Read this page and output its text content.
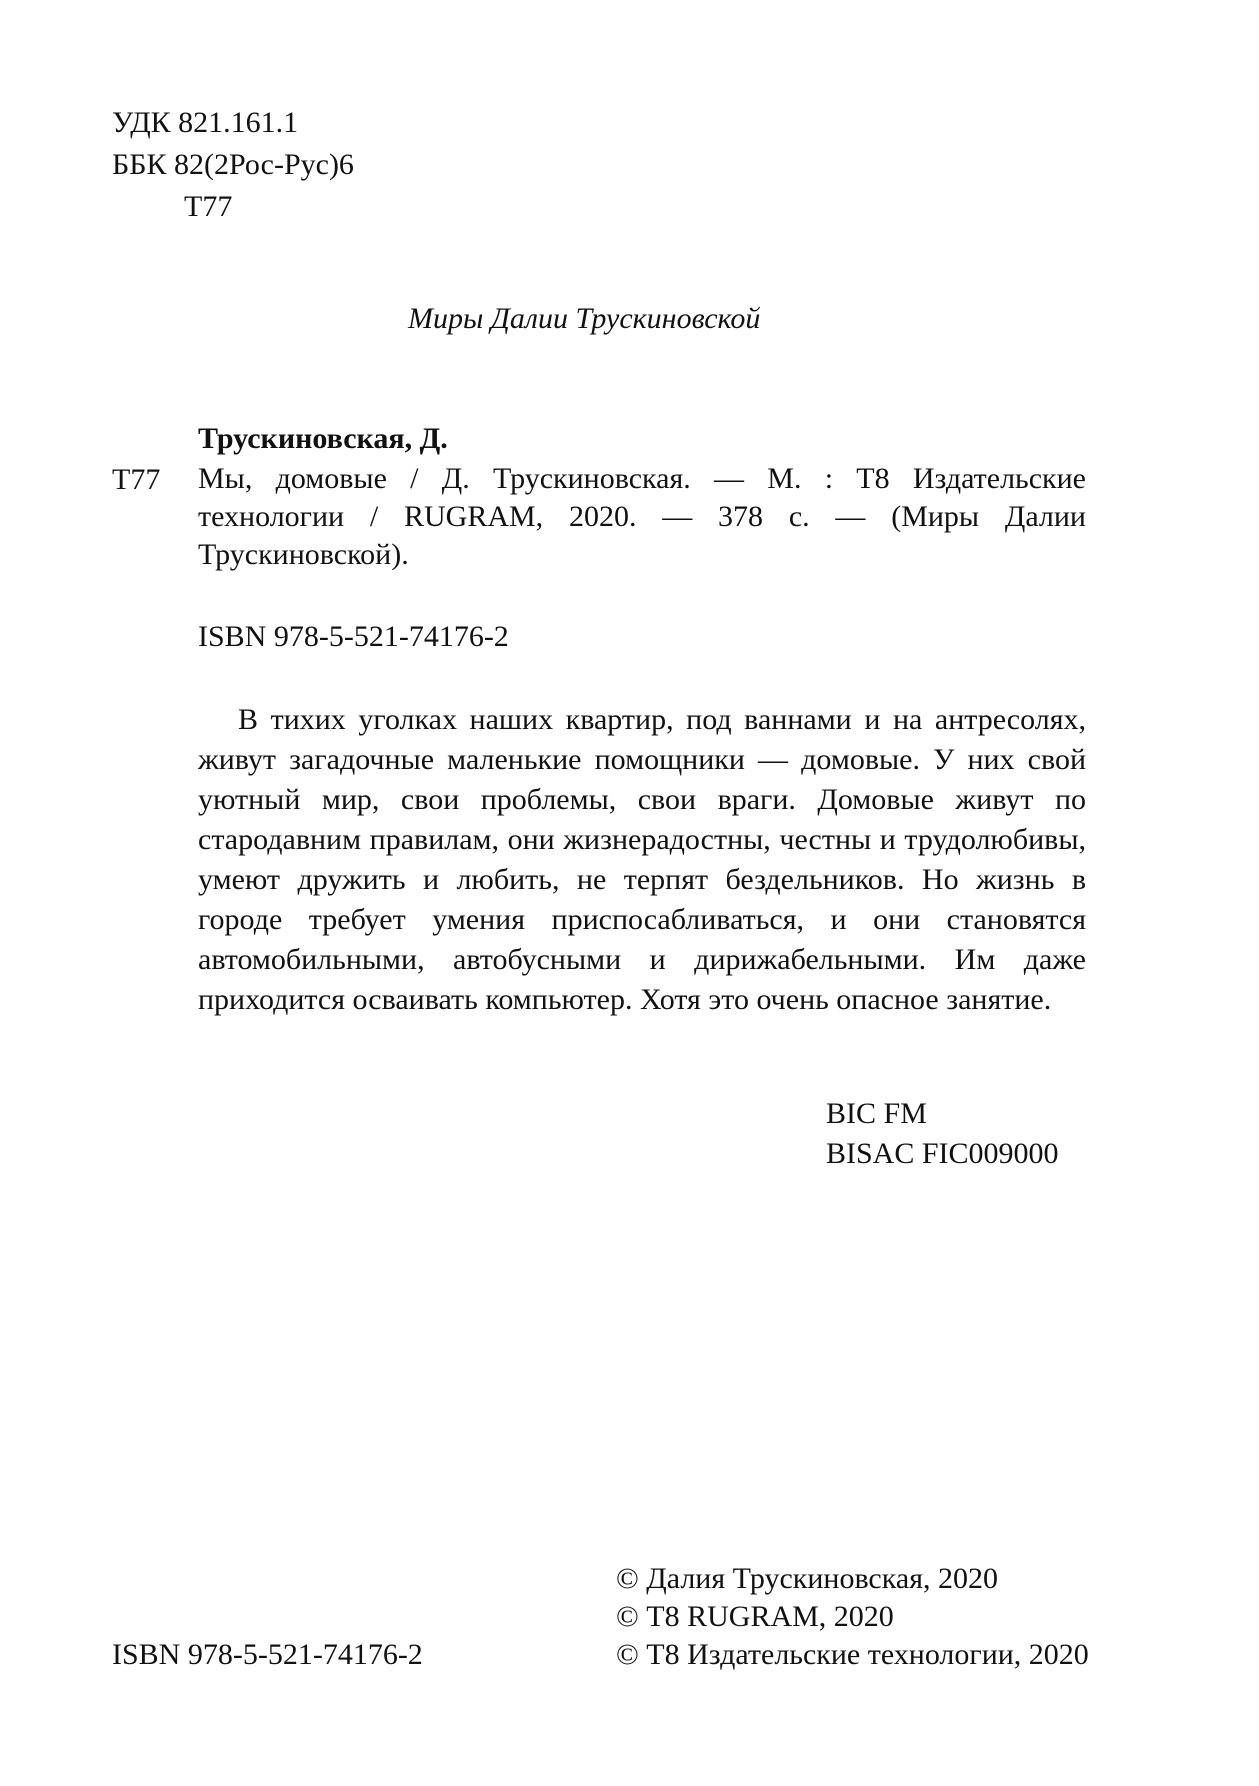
УДК 821.161.1
ББК 82(2Рос-Рус)6
Т77
Миры Далии Трускиновской
Трускиновская, Д.
Т77 Мы, домовые / Д. Трускиновская. — М. : Т8 Издательские технологии / RUGRAM, 2020. — 378 с. — (Миры Далии Трускиновской).
ISBN 978-5-521-74176-2
В тихих уголках наших квартир, под ваннами и на антресолях, живут загадочные маленькие помощники — домовые. У них свой уютный мир, свои проблемы, свои враги. Домовые живут по стародавним правилам, они жизнерадостны, честны и трудолюбивы, умеют дружить и любить, не терпят бездельников. Но жизнь в городе требует умения приспосабливаться, и они становятся автомобильными, автобусными и дирижабельными. Им даже приходится осваивать компьютер. Хотя это очень опасное занятие.
BIC FM
BISAC FIC009000
© Далия Трускиновская, 2020
© Т8 RUGRAM, 2020
© Т8 Издательские технологии, 2020
ISBN 978-5-521-74176-2
